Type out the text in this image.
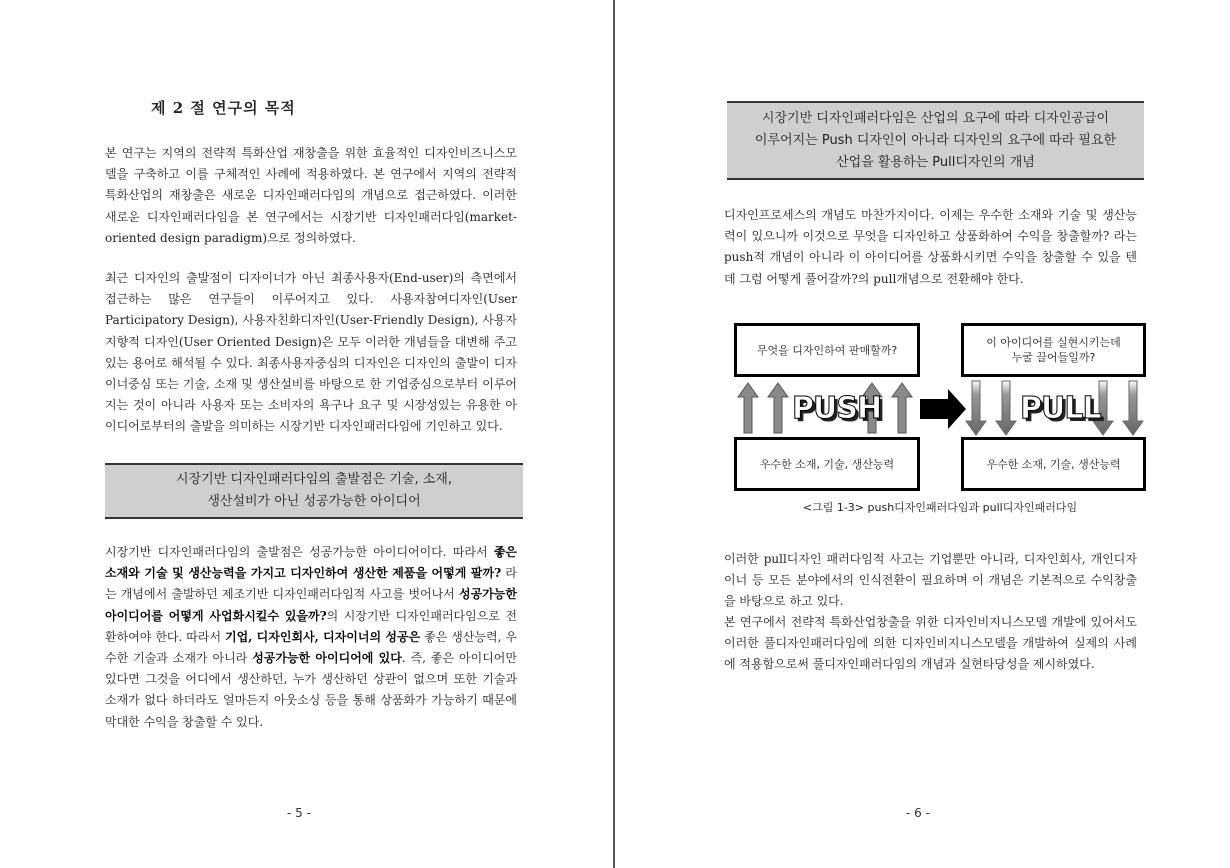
제 2 절 연구의 목적

본 연구는 지역의 전략적 특화산업 재창출을 위한 효율적인 디자인비즈니스모델을 구축하고 이를 구체적인 사례에 적용하였다. 본 연구에서 지역의 전략적 특화산업의 재창출은 새로운 디자인패러다임의 개념으로 접근하였다. 이러한 새로운 디자인패러다임을 본 연구에서는 시장기반 디자인패러다임(market-oriented design paradigm)으로 정의하였다.

최근 디자인의 출발점이 디자이너가 아닌 최종사용자(End-user)의 측면에서 접근하는 많은 연구들이 이루어지고 있다. 사용자참여디자인(User Participatory Design), 사용자친화디자인(User-Friendly Design), 사용자지향적 디자인(User Oriented Design)은 모두 이러한 개념들을 대변해 주고 있는 용어로 해석될 수 있다. 최종사용자중심의 디자인은 디자인의 출발이 디자이너중심 또는 기술, 소재 및 생산설비를 바탕으로 한 기업중심으로부터 이루어지는 것이 아니라 사용자 또는 소비자의 욕구나 요구 및 시장성있는 유용한 아이디어로부터의 출발을 의미하는 시장기반 디자인패러다임에 기인하고 있다.

시장기반 디자인패러다임의 출발점은 기술, 소재,
생산설비가 아닌 성공가능한 아이디어

시장기반 디자인패러다임의 출발점은 성공가능한 아이디어이다. 따라서 좋은 소재와 기술 및 생산능력을 가지고 디자인하여 생산한 제품을 어떻게 팔까? 라는 개념에서 출발하던 제조기반 디자인패러다임적 사고를 벗어나서 성공가능한 아이디어를 어떻게 사업화시킬수 있을까?의 시장기반 디자인패러다임으로 전환하여야 한다. 따라서 기업, 디자인회사, 디자이너의 성공은 좋은 생산능력, 우수한 기술과 소재가 아니라 성공가능한 아이디어에 있다. 즉, 좋은 아이디어만 있다면 그것을 어디에서 생산하던, 누가 생산하던 상관이 없으며 또한 기술과 소재가 없다 하더라도 얼마든지 아웃소싱 등을 통해 상품화가 가능하기 때문에 막대한 수익을 창출할 수 있다.

- 5 -
시장기반 디자인패러다임은 산업의 요구에 따라 디자인공급이
이루어지는 Push 디자인이 아니라 디자인의 요구에 따라 필요한
산업을 활용하는 Pull디자인의 개념

디자인프로세스의 개념도 마찬가지이다. 이제는 우수한 소재와 기술 및 생산능력이 있으니까 이것으로 무엇을 디자인하고 상품화하여 수익을 창출할까? 라는 push적 개념이 아니라 이 아이디어를 상품화시키면 수익을 창출할 수 있을 텐데 그럼 어떻게 풀어갈까?의 pull개념으로 전환해야 한다.

무엇을 디자인하여 판매할까?
이 아이디어를 실현시키는데
누굴 끌어들일까?
우수한 소재, 기술, 생산능력	우수한 소재, 기술, 생산능력
PUSH	PULL
<그림 1-3> push디자인패러다임과 pull디자인패러다임

이러한 pull디자인 패러다임적 사고는 기업뿐만 아니라, 디자인회사, 개인디자이너 등 모든 분야에서의 인식전환이 필요하며 이 개념은 기본적으로 수익창출을 바탕으로 하고 있다.

본 연구에서 전략적 특화산업창출을 위한 디자인비지니스모델 개발에 있어서도 이러한 풀디자인패러다임에 의한 디자인비지니스모델을 개발하여 실제의 사례에 적용함으로써 풀디자인패러다임의 개념과 실현타당성을 제시하였다.

- 6 -
